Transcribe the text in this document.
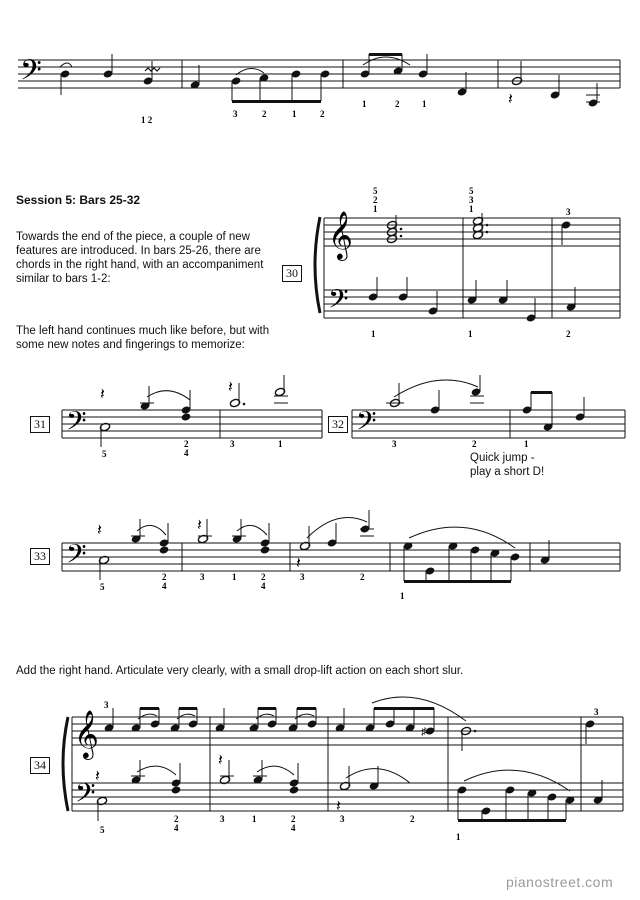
𝄢
𝄽
1 2
3	2	1	2
1	2	1
Session 5: Bars 25-32
Towards the end of the piece, a couple of new features are introduced. In bars 25-26, there are chords in the right hand, with an accompaniment similar to bars 1-2:
The left hand continues much like before, but with some new notes and fingerings to memorize:
30
𝄞
𝄢
5
2
1
5
3
1	3
1	1	2
31 𝄢
𝄽	𝄽
5
2
4
3	1
32 𝄢
3	2	1
Quick jump -
play a short D!
33 𝄢
𝄽	𝄽
𝄽
5
2
4
3	1	2
4
3	2
1
Add the right hand. Articulate very clearly, with a small drop-lift action on each short slur.
34
𝄞
𝄢
♯
𝄽
𝄽
𝄽
3
3
5
2
4
3	1	2
4
3	2
1
pianostreet.com
